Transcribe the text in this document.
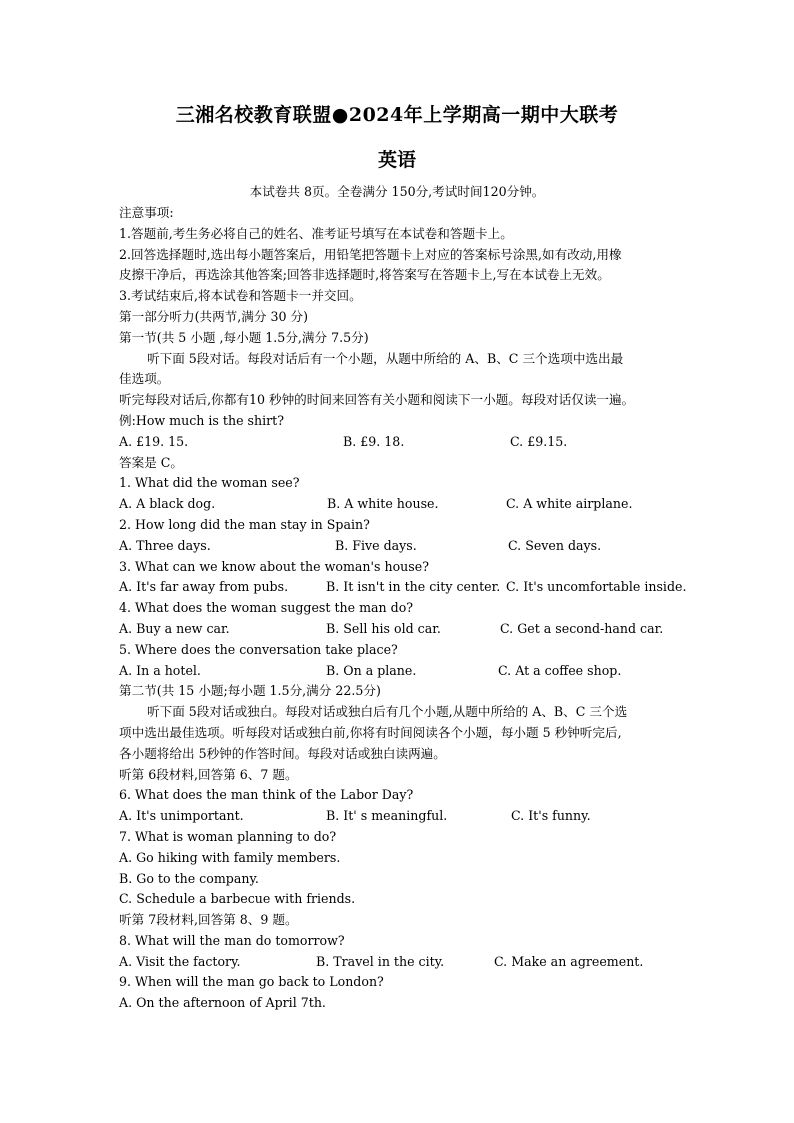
三湘名校教育联盟●2024年上学期高一期中大联考
英语
本试卷共 8页。全卷满分 150分,考试时间120分钟。
注意事项:
1.答题前,考生务必将自己的姓名、准考证号填写在本试卷和答题卡上。
2.回答选择题时,选出每小题答案后，用铅笔把答题卡上对应的答案标号涂黑,如有改动,用橡
皮擦干净后，再选涂其他答案;回答非选择题时,将答案写在答题卡上,写在本试卷上无效。
3.考试结束后,将本试卷和答题卡一并交回。
第一部分听力(共两节,满分 30 分)
第一节(共 5 小题 ,每小题 1.5分,满分 7.5分)
听下面 5段对话。每段对话后有一个小题，从题中所给的 A、B、C 三个选项中选出最
佳选项。
听完每段对话后,你都有10 秒钟的时间来回答有关小题和阅读下一小题。每段对话仅读一遍。
例:How much is the shirt?
A. £19. 15.	B. £9. 18.	C. £9.15.
答案是 C。
1. What did the woman see?
A. A black dog.	B. A white house.	C. A white airplane.
2. How long did the man stay in Spain?
A. Three days.	B. Five days.	C. Seven days.
3. What can we know about the woman's house?
A. It's far away from pubs.	B. It isn't in the city center. C. It's uncomfortable inside.
4. What does the woman suggest the man do?
A. Buy a new car.	B. Sell his old car.	C. Get a second-hand car.
5. Where does the conversation take place?
A. In a hotel.	B. On a plane.	C. At a coffee shop.
第二节(共 15 小题;每小题 1.5分,满分 22.5分)
听下面 5段对话或独白。每段对话或独白后有几个小题,从题中所给的 A、B、C 三个选
项中选出最佳选项。听每段对话或独白前,你将有时间阅读各个小题，每小题 5 秒钟听完后,
各小题将给出 5秒钟的作答时间。每段对话或独白读两遍。
听第 6段材料,回答第 6、7 题。
6. What does the man think of the Labor Day?
A. It's unimportant.	B. It' s meaningful.	C. It's funny.
7. What is woman planning to do?
A. Go hiking with family members.
B. Go to the company.
C. Schedule a barbecue with friends.
听第 7段材料,回答第 8、9 题。
8. What will the man do tomorrow?
A. Visit the factory.	B. Travel in the city.	C. Make an agreement.
9. When will the man go back to London?
A. On the afternoon of April 7th.
